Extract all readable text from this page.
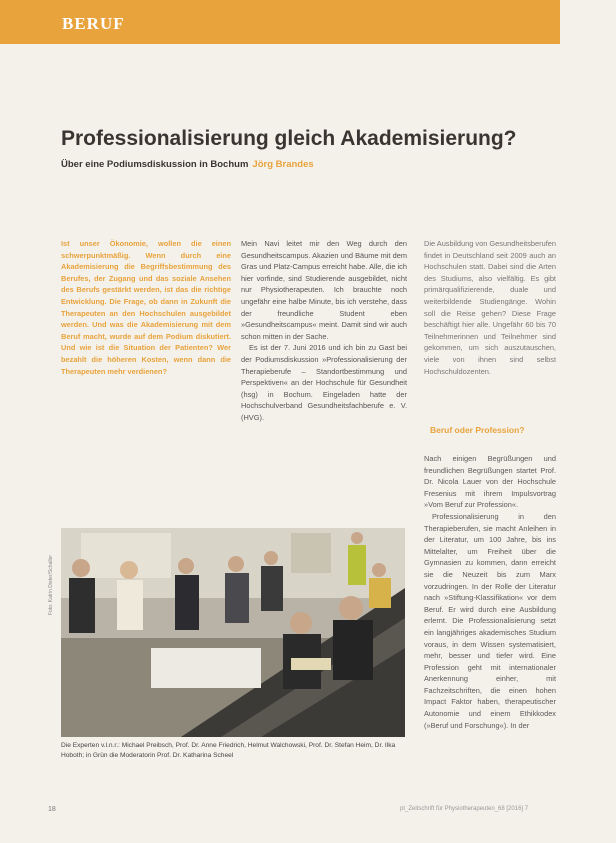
BERUF
Professionalisierung gleich Akademisierung?
Über eine Podiumsdiskussion in Bochum Jörg Brandes
Ist unser Ökonomie, wollen die einen schwerpunktmäßig. Wenn durch eine Akademisierung die Begriffsbestimmung des Berufes, der Zugang und das soziale Ansehen des Berufs gestärkt werden, ist das die richtige Entwicklung. Die Frage, ob dann in Zukunft die Therapeuten an den Hochschulen ausgebildet werden. Und was die Akademisierung mit dem Beruf macht, wurde auf dem Podium diskutiert. Und wie ist die Situation der Patienten? Wer bezahlt die höheren Kosten, wenn dann die Therapeuten mehr verdienen?

Mein Navi leitet mir den Weg durch den Gesundheitscampus. Akazien und Bäume mit dem Gras und Platz-Campus erreicht habe. Alle, die ich hier vorfinde, sind Studierende ausgebildet, nicht nur Physiotherapeuten. Ich brauchte noch ungefähr eine halbe Minute, bis ich verstehe, dass der freundliche Student eben »Gesundheitscampus« meint. Damit sind wir auch schon mitten in der Sache.

Es ist der 7. Juni 2016 und ich bin zu Gast bei der Podiumsdiskussion »Professionalisierung der Therapieberufe – Standortbestimmung und Perspektiven« an der Hochschule für Gesundheit (hsg) in Bochum. Eingeladen hatte der Hochschulverband Gesundheitsfachberufe e. V. (HVG).

Die Ausbildung von Gesundheitsberufen findet in Deutschland seit 2009 auch an Hochschulen statt. Dabei sind die Arten des Studiums, also vielfältig. Es gibt primärqualifizierende, duale und weiterbildende Studiengänge. Wohin soll die Reise gehen? Diese Frage beschäftigt hier alle. Ungefähr 60 bis 70 Teilnehmerinnen und Teilnehmer sind gekommen, um sich auszutauschen, viele von ihnen sind selbst Hochschuldozenten.
Beruf oder Profession?

Nach einigen Begrüßungen und freundlichen Begrüßungen startet Prof. Dr. Nicola Lauer von der Hochschule Fresenius mit ihrem Impulsvortrag »Vom Beruf zur Profession«.

Professionalisierung in den Therapieberufen, sie macht Anleihen in der Literatur, um 100 Jahre, bis ins Mittelalter, um Freiheit über die Gymnasien zu kommen, dann erreicht sie die Neuzeit bis zum Marx vorzudringen. In der Rolle der Literatur nach »Stiftung-Klassifikation« vor dem Beruf. Er wird durch eine Ausbildung erlernt. Die Professionalisierung setzt ein langjähriges akademisches Studium voraus, in dem Wissen systematisiert, mehr, besser und tiefer wird. Eine Profession geht mit internationaler Anerkennung einher, mit Fachzeitschriften, die einen hohen Impact Faktor haben, therapeutischer Autonomie und einem Ethikkodex (»Beruf und Forschung«). In der

Foto: Katrin Dieter/Schaller
Die Experten v.l.n.r.: Michael Preibsch, Prof. Dr. Anne Friedrich, Helmut Walchowski, Prof. Dr. Stefan Heim, Dr. Ilka Hoboth; in Grün die Moderatorin Prof. Dr. Katharina Scheel
18	pt_Zeitschrift für Physiotherapeuten_68 [2016] 7
